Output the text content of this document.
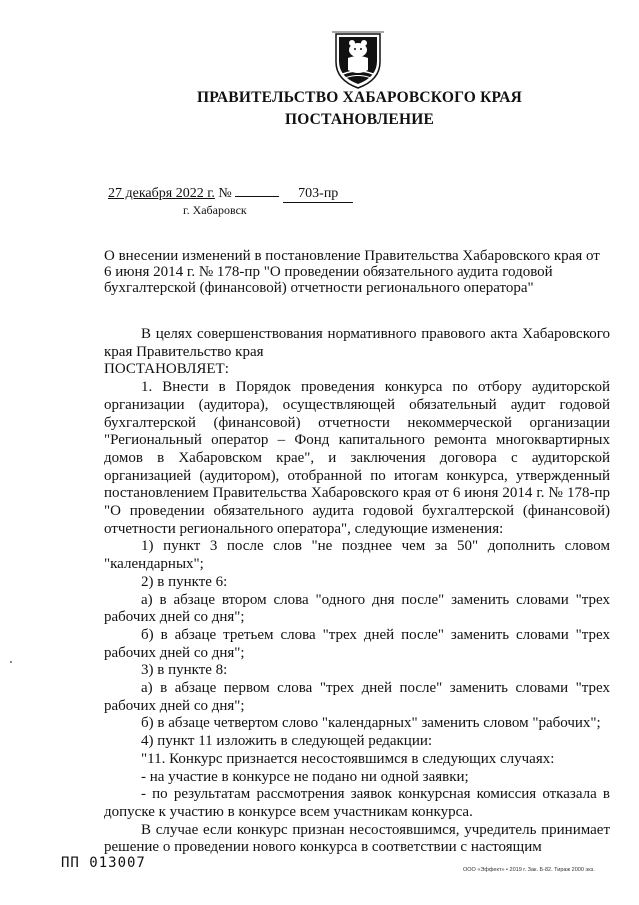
ПРАВИТЕЛЬСТВО ХАБАРОВСКОГО КРАЯ
ПОСТАНОВЛЕНИЕ
27 декабря 2022 г. №	703-пр
г. Хабаровск
О внесении изменений в постановление Правительства Хабаровского края от 6 июня 2014 г. № 178-пр "О проведении обязательного аудита годовой бухгалтерской (финансовой) отчетности регионального оператора"

В целях совершенствования нормативного правового акта Хабаровского края Правительство края

ПОСТАНОВЛЯЕТ:

1. Внести в Порядок проведения конкурса по отбору аудиторской организации (аудитора), осуществляющей обязательный аудит годовой бухгалтерской (финансовой) отчетности некоммерческой организации "Региональный оператор – Фонд капитального ремонта многоквартирных домов в Хабаровском крае", и заключения договора с аудиторской организацией (аудитором), отобранной по итогам конкурса, утвержденный постановлением Правительства Хабаровского края от 6 июня 2014 г. № 178-пр "О проведении обязательного аудита годовой бухгалтерской (финансовой) отчетности регионального оператора", следующие изменения:

1) пункт 3 после слов "не позднее чем за 50" дополнить словом "календарных";

2) в пункте 6:

а) в абзаце втором слова "одного дня после" заменить словами "трех рабочих дней со дня";

б) в абзаце третьем слова "трех дней после" заменить словами "трех рабочих дней со дня";

3) в пункте 8:

а) в абзаце первом слова "трех дней после" заменить словами "трех рабочих дней со дня";

б) в абзаце четвертом слово "календарных" заменить словом "рабочих";

4) пункт 11 изложить в следующей редакции:

"11. Конкурс признается несостоявшимся в следующих случаях:

- на участие в конкурсе не подано ни одной заявки;

- по результатам рассмотрения заявок конкурсная комиссия отказала в допуске к участию в конкурсе всем участникам конкурса.

В случае если конкурс признан несостоявшимся, учредитель принимает решение о проведении нового конкурса в соответствии с настоящим

ПП 013007	ООО «Эффект» • 2019 г. Зак. Б-82. Тираж 2000 экз.
